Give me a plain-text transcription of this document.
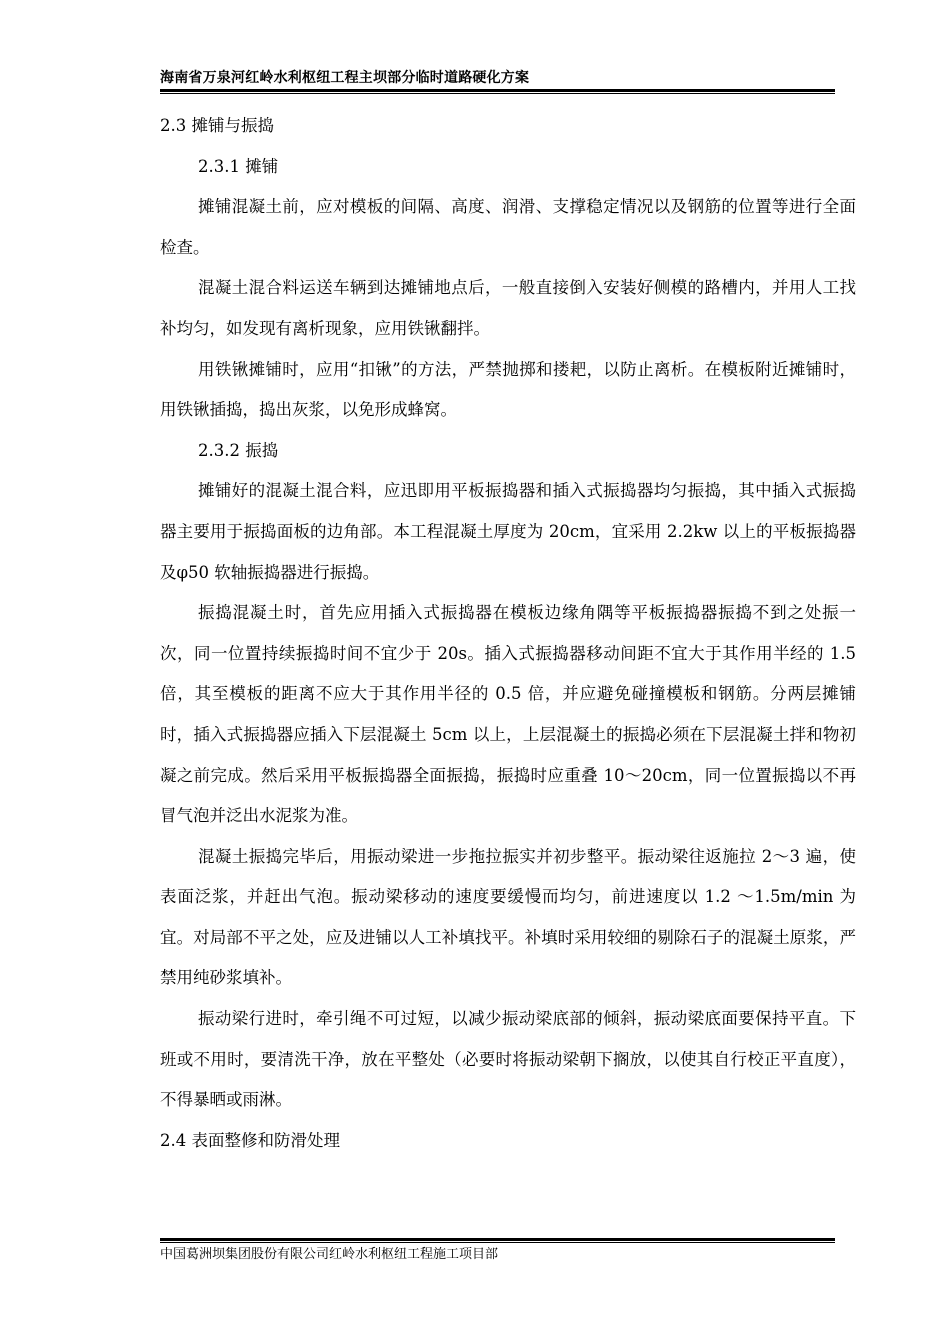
海南省万泉河红岭水利枢纽工程主坝部分临时道路硬化方案

2.3 摊铺与振捣

2.3.1 摊铺

摊铺混凝土前，应对模板的间隔、高度、润滑、支撑稳定情况以及钢筋的位置等进行全面检查。

混凝土混合料运送车辆到达摊铺地点后，一般直接倒入安装好侧模的路槽内，并用人工找补均匀，如发现有离析现象，应用铁锹翻拌。

用铁锹摊铺时，应用“扣锹”的方法，严禁抛掷和搂耙，以防止离析。在模板附近摊铺时，用铁锹插捣，捣出灰浆，以免形成蜂窝。

2.3.2 振捣

摊铺好的混凝土混合料，应迅即用平板振捣器和插入式振捣器均匀振捣，其中插入式振捣器主要用于振捣面板的边角部。本工程混凝土厚度为 20cm，宜采用 2.2kw 以上的平板振捣器及φ50 软轴振捣器进行振捣。

振捣混凝土时，首先应用插入式振捣器在模板边缘角隅等平板振捣器振捣不到之处振一次，同一位置持续振捣时间不宜少于 20s。插入式振捣器移动间距不宜大于其作用半经的 1.5 倍，其至模板的距离不应大于其作用半径的 0.5 倍，并应避免碰撞模板和钢筋。分两层摊铺时，插入式振捣器应插入下层混凝土 5cm 以上，上层混凝土的振捣必须在下层混凝土拌和物初凝之前完成。然后采用平板振捣器全面振捣，振捣时应重叠 10～20cm，同一位置振捣以不再冒气泡并泛出水泥浆为准。

混凝土振捣完毕后，用振动梁进一步拖拉振实并初步整平。振动梁往返施拉 2～3 遍，使表面泛浆，并赶出气泡。振动梁移动的速度要缓慢而均匀，前进速度以 1.2 ～1.5m/min 为宜。对局部不平之处，应及进铺以人工补填找平。补填时采用较细的剔除石子的混凝土原浆，严禁用纯砂浆填补。

振动梁行进时，牵引绳不可过短，以减少振动梁底部的倾斜，振动梁底面要保持平直。下班或不用时，要清洗干净，放在平整处（必要时将振动梁朝下搁放，以使其自行校正平直度），不得暴晒或雨淋。

2.4 表面整修和防滑处理

中国葛洲坝集团股份有限公司红岭水利枢纽工程施工项目部
